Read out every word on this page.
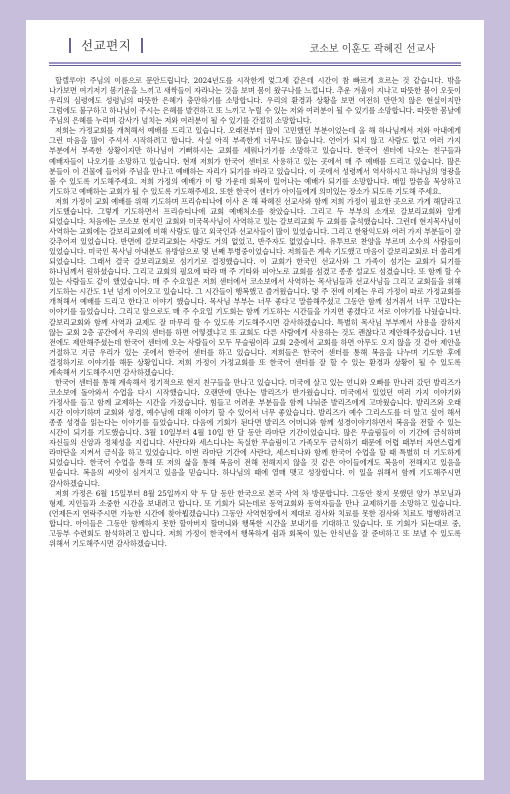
선교편지	코소보 이훈도 곽혜진 선교사

할렐루야! 주님의 이름으로 문안드립니다. 2024년도를 시작한게 엊그제 같은데 시간이 참 빠르게 흐르는 것 같습니다. 밖을 나가보면 여기저기 봄기운을 느끼고 새싹들이 자라나는 것을 보며 봄이 왔구나를 느낍니다. 추운 겨울이 지나고 따뜻한 봄이 오듯이 우리의 심령에도 성령님의 따뜻한 은혜가 충만하기를 소망합니다. 우리의 환경과 상황을 보면 여전히 만만치 않은 현실이지만 그럼에도 불구하고 하나님이 주시는 은혜를 발견하고 또 느끼고 누릴 수 있는 저와 여러분이 될 수 있기를 소망합니다. 따뜻한 봄날에 주님의 은혜를 누리며 감사가 넘치는 저와 여러분이 될 수 있기를 간절히 소망합니다.

저희는 가정교회를 개척해서 예배를 드리고 있습니다. 오래전부터 많이 고민했던 부분이었는데 올 해 하나님께서 저와 아내에게 그런 마음을 많이 주셔서 시작하려고 합니다. 사실 아직 부족한게 너무나도 많습니다. 언어가 되지 않고 사람도 없고 여러 가지 부분에서 부족한 상황이지만 하나님이 기뻐하시는 교회를 세워나가기를 소망하고 있습니다. 한국어 센터에 나오는 친구들과 예배자들이 나오기를 소망하고 있습니다. 현재 저희가 한국어 센터로 사용하고 있는 곳에서 매 주 예배를 드리고 있습니다. 많은 분들이 이 건물에 들어와 주님을 만나고 예배하는 자리가 되기를 바라고 있습니다. 이 곳에서 성령께서 역사하시고 하나님의 영광을 볼 수 있도록 기도해주세요. 저희 가정의 예배가 이 땅 가운데 회복이 일어나는 예배가 되기를 소망합니다. 매일 말씀을 묵상하고 기도하고 예배하는 교회가 될 수 있도록 기도해주세요. 또한 한국어 센터가 아이들에게 의미있는 장소가 되도록 기도해 주세요.

저희 가정이 교회 예배를 위해 기도하며 프리슈티나에 이사 온 해 곽혜진 선교사와 함께 저희 가정이 필요한 곳으로 가게 해달라고 기도했습니다. 그렇게 기도하면서 프리슈티나에 교회 예배처소를 찾았습니다. 그리고 두 부부의 소개로 갈보리교회와 알게 되었습니다. 처음에는 코소보 현지인 교회와 미국목사님이 사역하고 있는 갈보리교회 두 교회를 출석했습니다. 그런데 현지목사님이 사역하는 교회에는 갈보리교회에 비해 사람도 많고 외국인과 선교사들이 많이 있었습니다. 그리고 한왕익도와 여러 가지 부분들이 잘 갖추어져 있었습니다. 반면에 갈보리교회는 사람도 거의 없었고, 반주자도 없었습니다. 유투브로 찬양을 부르며 소수의 사람들이 있었습니다. 미국인 목사님 아내분도 유방암으로 몇 년째 투병중이었습니다. 저희들은 계속 기도했고 마음이 갈보리교회로 더 쏠리게 되었습니다. 그래서 결국 갈보리교회로 섬기기로 결정했습니다. 이 교회가 한국인 선교사와 그 가족이 섬기는 교회가 되기를 하나님께서 원하셨습니다. 그리고 교회의 필요에 따라 매 주 기타와 피아노로 교회를 섬겼고 종종 설교도 섬겼습니다. 또 함께 할 수 있는 사람들도 같이 했었습니다. 매 주 수요일은 저희 센터에서 코소보에서 사역하는 목사님들과 선교사님들 그리고 교회들을 위해 기도하는 시간도 1년 넘게 이어오고 있습니다. 그 시간들이 행복했고 즐거웠습니다. 몇 주 전에 이제는 우리 가정이 따로 가정교회를 개척해서 예배를 드리고 한다고 이야기 했습니다. 목사님 부부는 너무 좋다고 말씀해주셨고 그동안 함께 섬겨줘서 너무 고맙다는 이야기를 들었습니다. 그리고 앞으로도 매 주 수요일 기도회는 함께 기도하는 시간들을 가지면 좋겠다고 서로 이야기를 나눴습니다. 갈보리교회와 함께 사역과 교제도 잘 마무리 할 수 있도록 기도해주시면 감사하겠습니다. 특별히 목사님 부부께서 사용을 잘하지 않는 교회 2층 공간에서 우리의 센터를 하면 어떻겠냐고 또 교회도 다른 사람에게 사용하는 것도 괜찮다고 제안해주셨습니다. 1년 전에도 제안해주셨는데 한국어 센터에 오는 사람들이 모두 무슬림이라 교회 2층에서 교회를 하면 아무도 오지 않을 것 같아 제안을 거절하고 지금 우리가 있는 곳에서 한국어 센터를 하고 있습니다. 저희들은 한국어 센터를 통해 복음을 나누며 기도한 후에 결정하기로 이야기를 해둔 상황입니다. 저희 가정이 가정교회를 또 한국어 센터를 잘 할 수 있는 환경과 상황이 될 수 있도록 계속해서 기도해주시면 감사하겠습니다.

한국어 센터를 통해 계속해서 정기적으로 현지 친구들을 만나고 있습니다. 미국에 살고 있는 언니와 오빠를 만나러 갔던 발리즈가 코소보에 돌아와서 수업을 다시 시작했습니다. 오랜만에 만나는 발리즈가 반가웠습니다. 미국에서 있었던 여러 가지 이야기와 가정사를 들고 함께 교제하는 시간을 가졌습니다. 힘들고 어려운 부분들을 함께 나눠준 발리즈에게 고마웠습니다. 발리즈와 오래 시간 이야기하며 교회와 성경, 예수님에 대해 이야기 할 수 있어서 너무 좋았습니다. 발리즈가 예수 그리스도를 더 알고 싶어 해서 종종 성경을 읽는다는 이야기를 들었습니다. 다음에 기회가 된다면 발리즈 어머니와 함께 성경이야기하면서 복음을 전할 수 있는 시간이 되기를 기도했습니다. 3월 10일부터 4월 10일 한 달 동안 라마단 기간이었습니다. 많은 무슬림들이 이 기간에 금식하며 자신들의 신앙과 정체성을 지킵니다. 사란다와 세스디나는 독실한 무슬림이고 가족모두 금식하기 때문에 어렵 때부터 자연스럽게 라마단을 지켜서 금식을 하고 있었습니다. 이번 라마단 기간에 사란다, 세스티나와 함께 한국어 수업을 할 때 특별히 더 기도하게 되었습니다. 한국어 수업을 통해 또 저의 삶을 통해 복음이 전해 전해지지 않을 것 같은 아이들에게도 복음이 전해지고 있음을 믿습니다. 복음의 씨앗이 심겨지고 있음을 믿습니다. 하나님의 때에 열매 맺고 성장합니다. 이 일을 위해서 함께 기도해주시면 감사하겠습니다.

저희 가정은 6월 15일부터 8월 25일까지 약 두 달 동안 한국으로 본국 사역 차 방문합니다. 그동안 찾지 못했던 양가 부모님과 형제, 지인들과 소중한 시간을 보내려고 합니다. 또 기회가 되는데로 동역교회와 동역자들을 만나 교제하기를 소망하고 있습니다. (언제든지 연락주시면 가능한 시간에 찾아뵙겠습니다) 그동안 사역현장에서 제대로 검사와 치료를 못한 검사와 치료도 병행하려고 합니다. 아이들은 그동안 함께하지 못한 할아버지 할머니와 행복한 시간을 보내기를 기대하고 있습니다. 또 기회가 되는대로 중,고등부 수련회도 참석하려고 합니다. 저희 가정이 한국에서 행복하게 쉼과 회복이 있는 안식년을 잘 준비하고 또 보낼 수 있도록 위해서 기도해주시면 감사하겠습니다.
